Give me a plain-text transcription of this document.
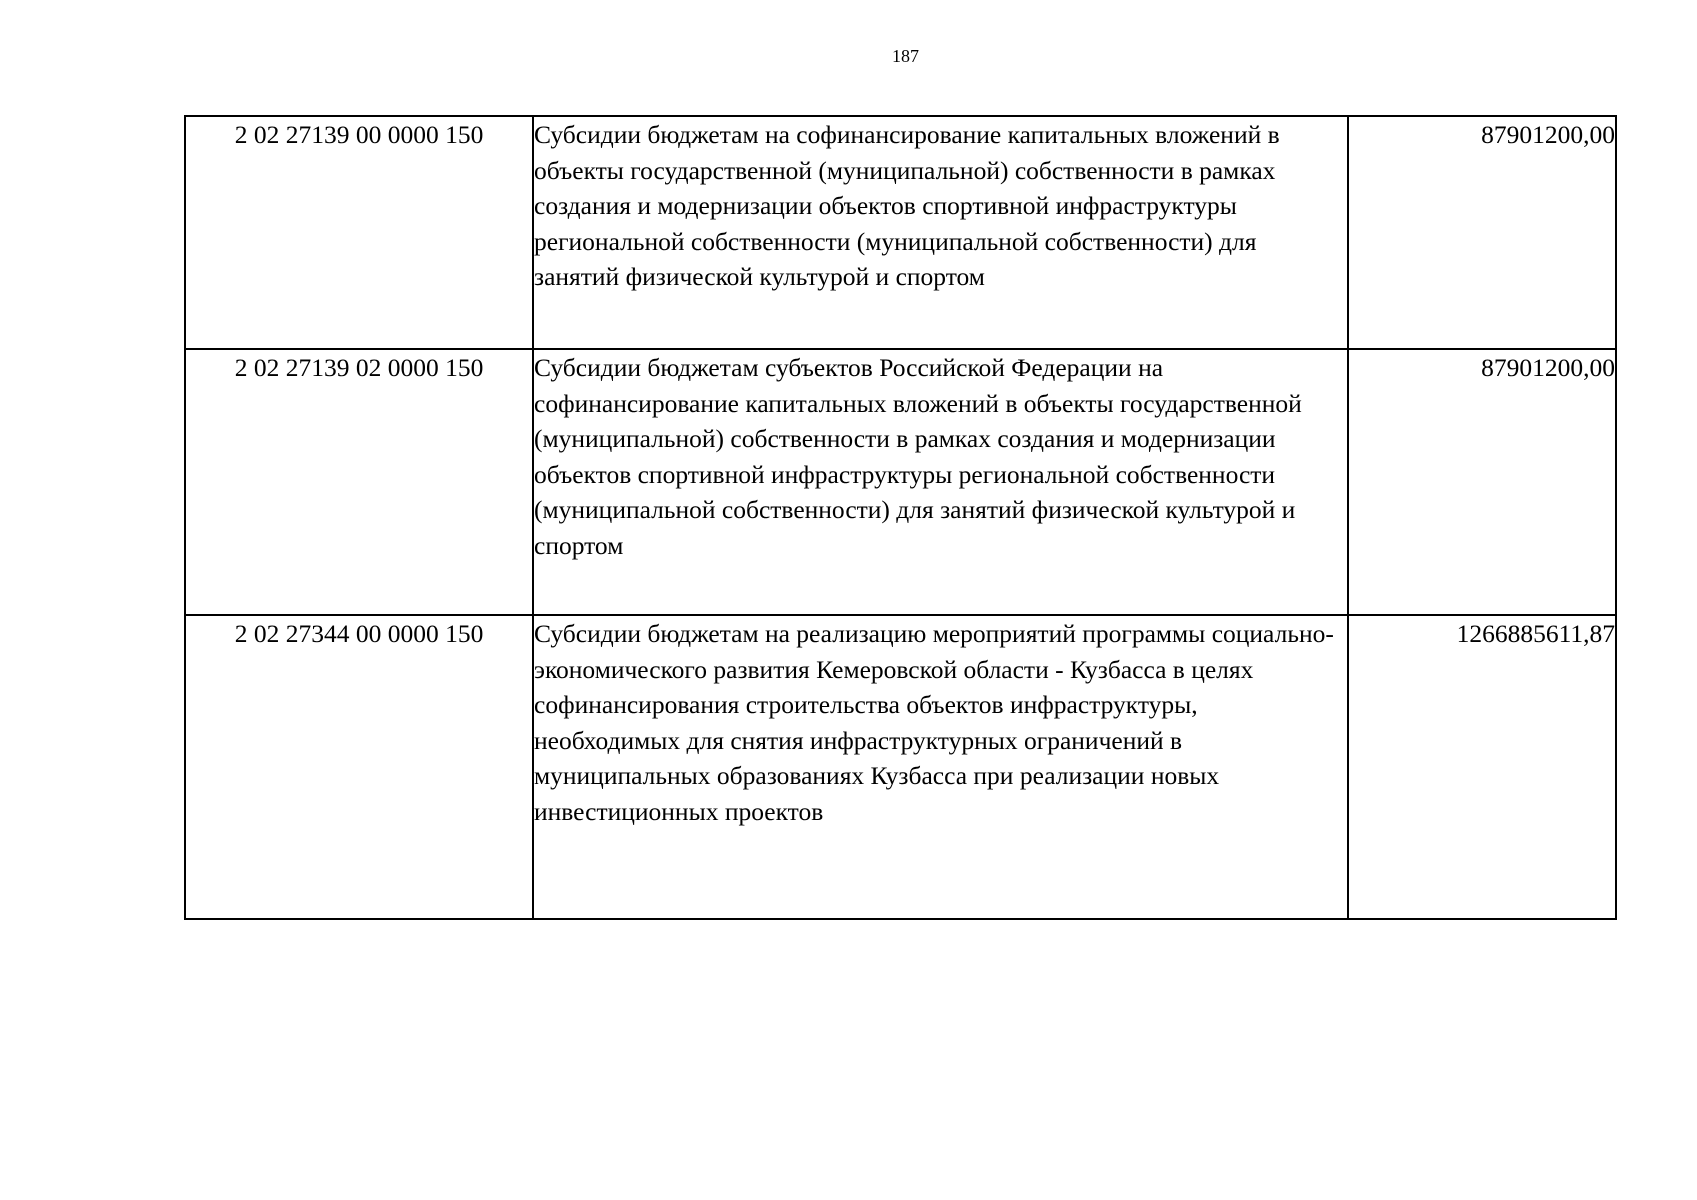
187
2 02 27139 00 0000 150	Субсидии бюджетам на софинансирование капитальных вложений в объекты государственной (муниципальной) собственности в рамках создания и модернизации объектов спортивной инфраструктуры региональной собственности (муниципальной собственности) для занятий физической культурой и спортом	87901200,00
2 02 27139 02 0000 150	Субсидии бюджетам субъектов Российской Федерации на софинансирование капитальных вложений в объекты государственной (муниципальной) собственности в рамках создания и модернизации объектов спортивной инфраструктуры региональной собственности (муниципальной собственности) для занятий физической культурой и спортом	87901200,00
2 02 27344 00 0000 150	Субсидии бюджетам на реализацию мероприятий программы социально-экономического развития Кемеровской области - Кузбасса в целях софинансирования строительства объектов инфраструктуры, необходимых для снятия инфраструктурных ограничений в муниципальных образованиях Кузбасса при реализации новых инвестиционных проектов	1266885611,87
